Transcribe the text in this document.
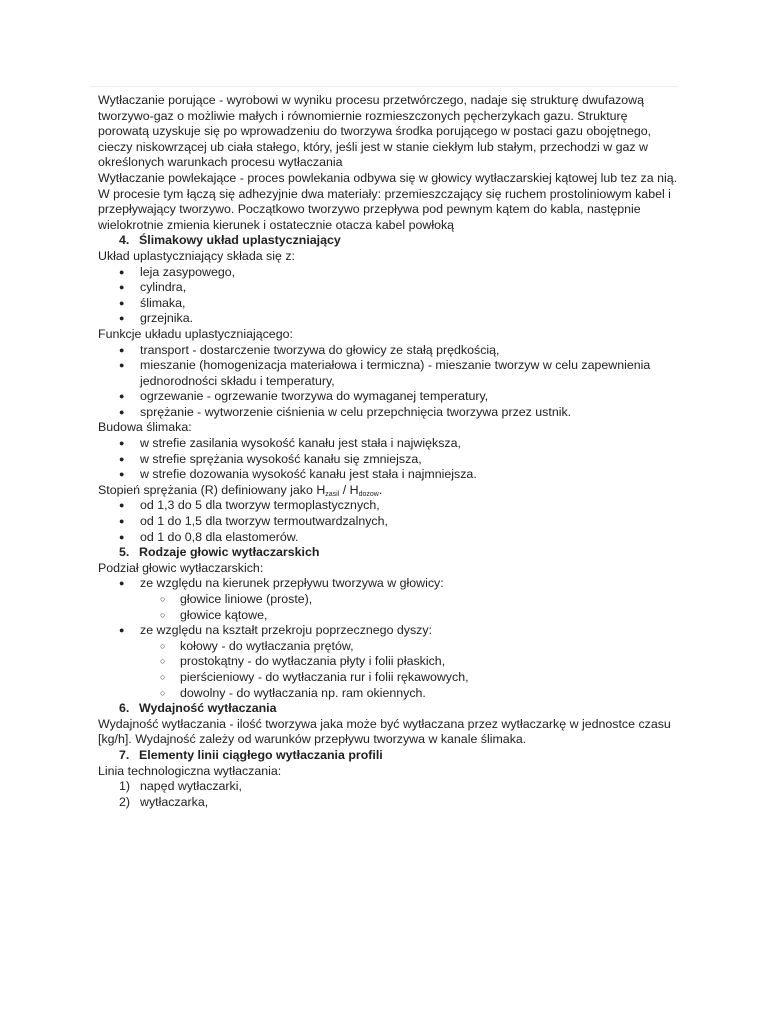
Wytłaczanie porujące - wyrobowi w wyniku procesu przetwórczego, nadaje się strukturę dwufazową tworzywo-gaz o możliwie małych i równomiernie rozmieszczonych pęcherzykach gazu. Strukturę porowatą uzyskuje się po wprowadzeniu do tworzywa środka porującego w postaci gazu obojętnego, cieczy niskowrzącej ub ciała stałego, który, jeśli jest w stanie ciekłym lub stałym, przechodzi w gaz w określonych warunkach procesu wytłaczania

Wytłaczanie powlekające - proces powlekania odbywa się w głowicy wytłaczarskiej kątowej lub tez za nią. W procesie tym łączą się adhezyjnie dwa materiały: przemieszczający się ruchem prostoliniowym kabel i przepływający tworzywo. Początkowo tworzywo przepływa pod pewnym kątem do kabla, następnie wielokrotnie zmienia kierunek i ostatecznie otacza kabel powłoką

4. Ślimakowy układ uplastyczniający

Układ uplastyczniający składa się z:

● leja zasypowego,
● cylindra,
● ślimaka,
● grzejnika.

Funkcje układu uplastyczniającego:

● transport - dostarczenie tworzywa do głowicy ze stałą prędkością,
● mieszanie (homogenizacja materiałowa i termiczna) - mieszanie tworzyw w celu zapewnienia jednorodności składu i temperatury,
● ogrzewanie - ogrzewanie tworzywa do wymaganej temperatury,
● sprężanie - wytworzenie ciśnienia w celu przepchnięcia tworzywa przez ustnik.

Budowa ślimaka:

● w strefie zasilania wysokość kanału jest stała i największa,
● w strefie sprężania wysokość kanału się zmniejsza,
● w strefie dozowania wysokość kanału jest stała i najmniejsza.

Stopień sprężania (R) definiowany jako $H_{zasil} / H_{dozow}$.

● od 1,3 do 5 dla tworzyw termoplastycznych,
● od 1 do 1,5 dla tworzyw termoutwardzalnych,
● od 1 do 0,8 dla elastomerów.

5. Rodzaje głowic wytłaczarskich

Podział głowic wytłaczarskich:

● ze względu na kierunek przepływu tworzywa w głowicy:
○ głowice liniowe (proste),
○ głowice kątowe,
● ze względu na kształt przekroju poprzecznego dyszy:
○ kołowy - do wytłaczania prętów,
○ prostokątny - do wytłaczania płyty i folii płaskich,
○ pierścieniowy - do wytłaczania rur i folii rękawowych,
○ dowolny - do wytłaczania np. ram okiennych.

6. Wydajność wytłaczania

Wydajność wytłaczania - ilość tworzywa jaka może być wytłaczana przez wytłaczarkę w jednostce czasu [kg/h]. Wydajność zależy od warunków przepływu tworzywa w kanale ślimaka.

7. Elementy linii ciągłego wytłaczania profili

Linia technologiczna wytłaczania:

1) napęd wytłaczarki,
2) wytłaczarka,
